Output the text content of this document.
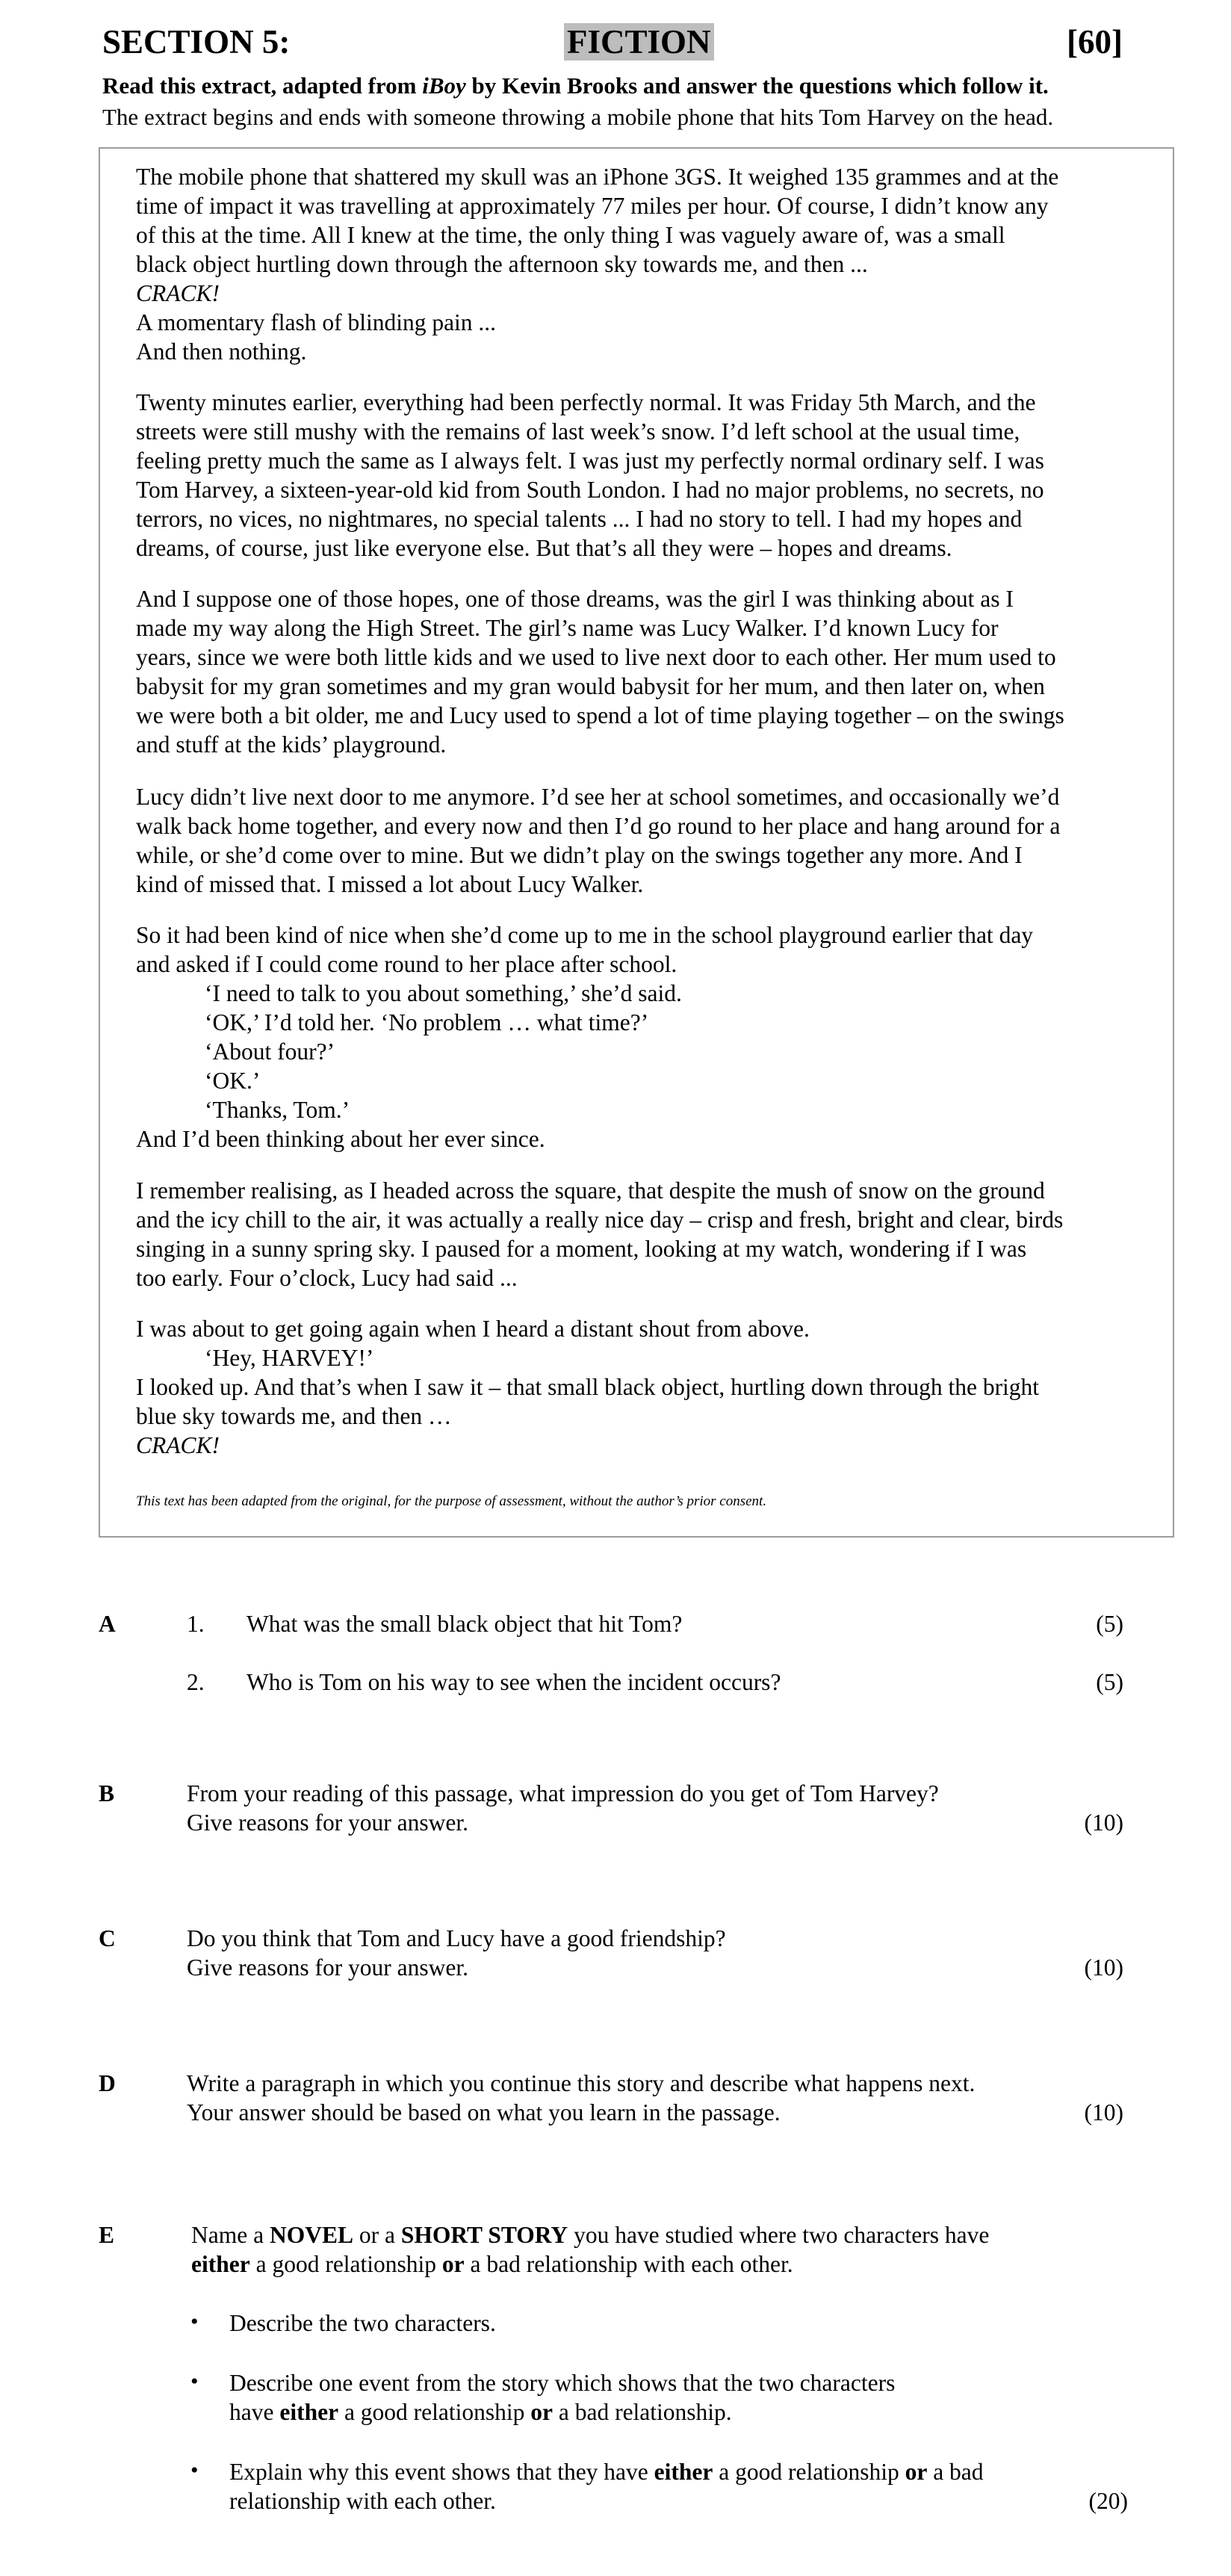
SECTION 5:	FICTION	[60]
Read this extract, adapted from iBoy by Kevin Brooks and answer the questions which follow it.
The extract begins and ends with someone throwing a mobile phone that hits Tom Harvey on the head.
The mobile phone that shattered my skull was an iPhone 3GS. It weighed 135 grammes and at the
time of impact it was travelling at approximately 77 miles per hour. Of course, I didn’t know any
of this at the time. All I knew at the time, the only thing I was vaguely aware of, was a small
black object hurtling down through the afternoon sky towards me, and then ...
CRACK!
A momentary flash of blinding pain ...
And then nothing.
Twenty minutes earlier, everything had been perfectly normal. It was Friday 5th March, and the
streets were still mushy with the remains of last week’s snow. I’d left school at the usual time,
feeling pretty much the same as I always felt. I was just my perfectly normal ordinary self. I was
Tom Harvey, a sixteen-year-old kid from South London. I had no major problems, no secrets, no
terrors, no vices, no nightmares, no special talents ... I had no story to tell. I had my hopes and
dreams, of course, just like everyone else. But that’s all they were – hopes and dreams.
And I suppose one of those hopes, one of those dreams, was the girl I was thinking about as I
made my way along the High Street. The girl’s name was Lucy Walker. I’d known Lucy for
years, since we were both little kids and we used to live next door to each other. Her mum used to
babysit for my gran sometimes and my gran would babysit for her mum, and then later on, when
we were both a bit older, me and Lucy used to spend a lot of time playing together – on the swings
and stuff at the kids’ playground.
Lucy didn’t live next door to me anymore. I’d see her at school sometimes, and occasionally we’d
walk back home together, and every now and then I’d go round to her place and hang around for a
while, or she’d come over to mine. But we didn’t play on the swings together any more. And I
kind of missed that. I missed a lot about Lucy Walker.
So it had been kind of nice when she’d come up to me in the school playground earlier that day
and asked if I could come round to her place after school.
‘I need to talk to you about something,’ she’d said.
‘OK,’ I’d told her. ‘No problem … what time?’
‘About four?’
‘OK.’
‘Thanks, Tom.’
And I’d been thinking about her ever since.
I remember realising, as I headed across the square, that despite the mush of snow on the ground
and the icy chill to the air, it was actually a really nice day – crisp and fresh, bright and clear, birds
singing in a sunny spring sky. I paused for a moment, looking at my watch, wondering if I was
too early. Four o’clock, Lucy had said ...
I was about to get going again when I heard a distant shout from above.
‘Hey, HARVEY!’
I looked up. And that’s when I saw it – that small black object, hurtling down through the bright
blue sky towards me, and then …
CRACK!
This text has been adapted from the original, for the purpose of assessment, without the author’s prior consent.
A	1. What was the small black object that hit Tom?	(5)
2. Who is Tom on his way to see when the incident occurs?	(5)
B	From your reading of this passage, what impression do you get of Tom Harvey?
Give reasons for your answer.	(10)
C	Do you think that Tom and Lucy have a good friendship?
Give reasons for your answer.	(10)
D	Write a paragraph in which you continue this story and describe what happens next.
Your answer should be based on what you learn in the passage.	(10)
E	Name a NOVEL or a SHORT STORY you have studied where two characters have
either a good relationship or a bad relationship with each other.
• Describe the two characters.
• Describe one event from the story which shows that the two characters
have either a good relationship or a bad relationship.
• Explain why this event shows that they have either a good relationship or a bad
relationship with each other.	(20)
